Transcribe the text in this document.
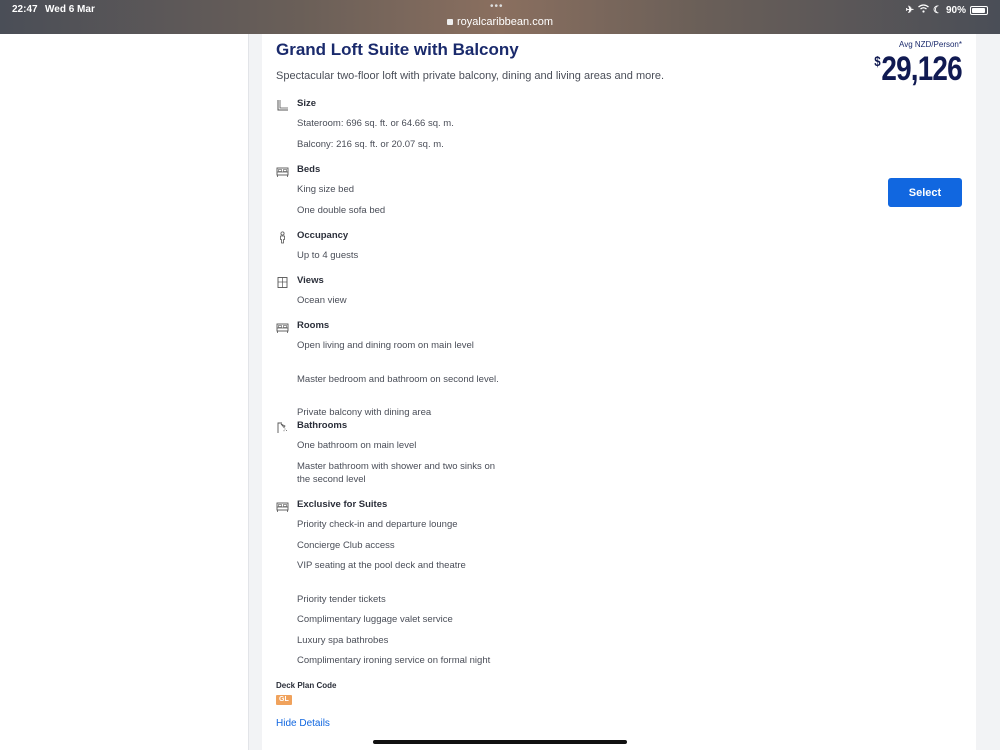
22:47 Wed 6 Mar	•••
royalcaribbean.com
✈ ☾ 90%
Grand Loft Suite with Balcony
Spectacular two-floor loft with private balcony, dining and living areas and more.
Avg NZD/Person*
$29,126
Select
Size
Stateroom: 696 sq. ft. or 64.66 sq. m.
Balcony: 216 sq. ft. or 20.07 sq. m.
Beds
King size bed
One double sofa bed
Occupancy
Up to 4 guests
Views
Ocean view
Rooms
Open living and dining room on main level
Master bedroom and bathroom on second level.
Private balcony with dining area
Bathrooms
One bathroom on main level
Master bathroom with shower and two sinks on the second level
Exclusive for Suites
Priority check-in and departure lounge
Concierge Club access
VIP seating at the pool deck and theatre
Priority tender tickets
Complimentary luggage valet service
Luxury spa bathrobes
Complimentary ironing service on formal night
Deck Plan Code
GL
Hide Details
